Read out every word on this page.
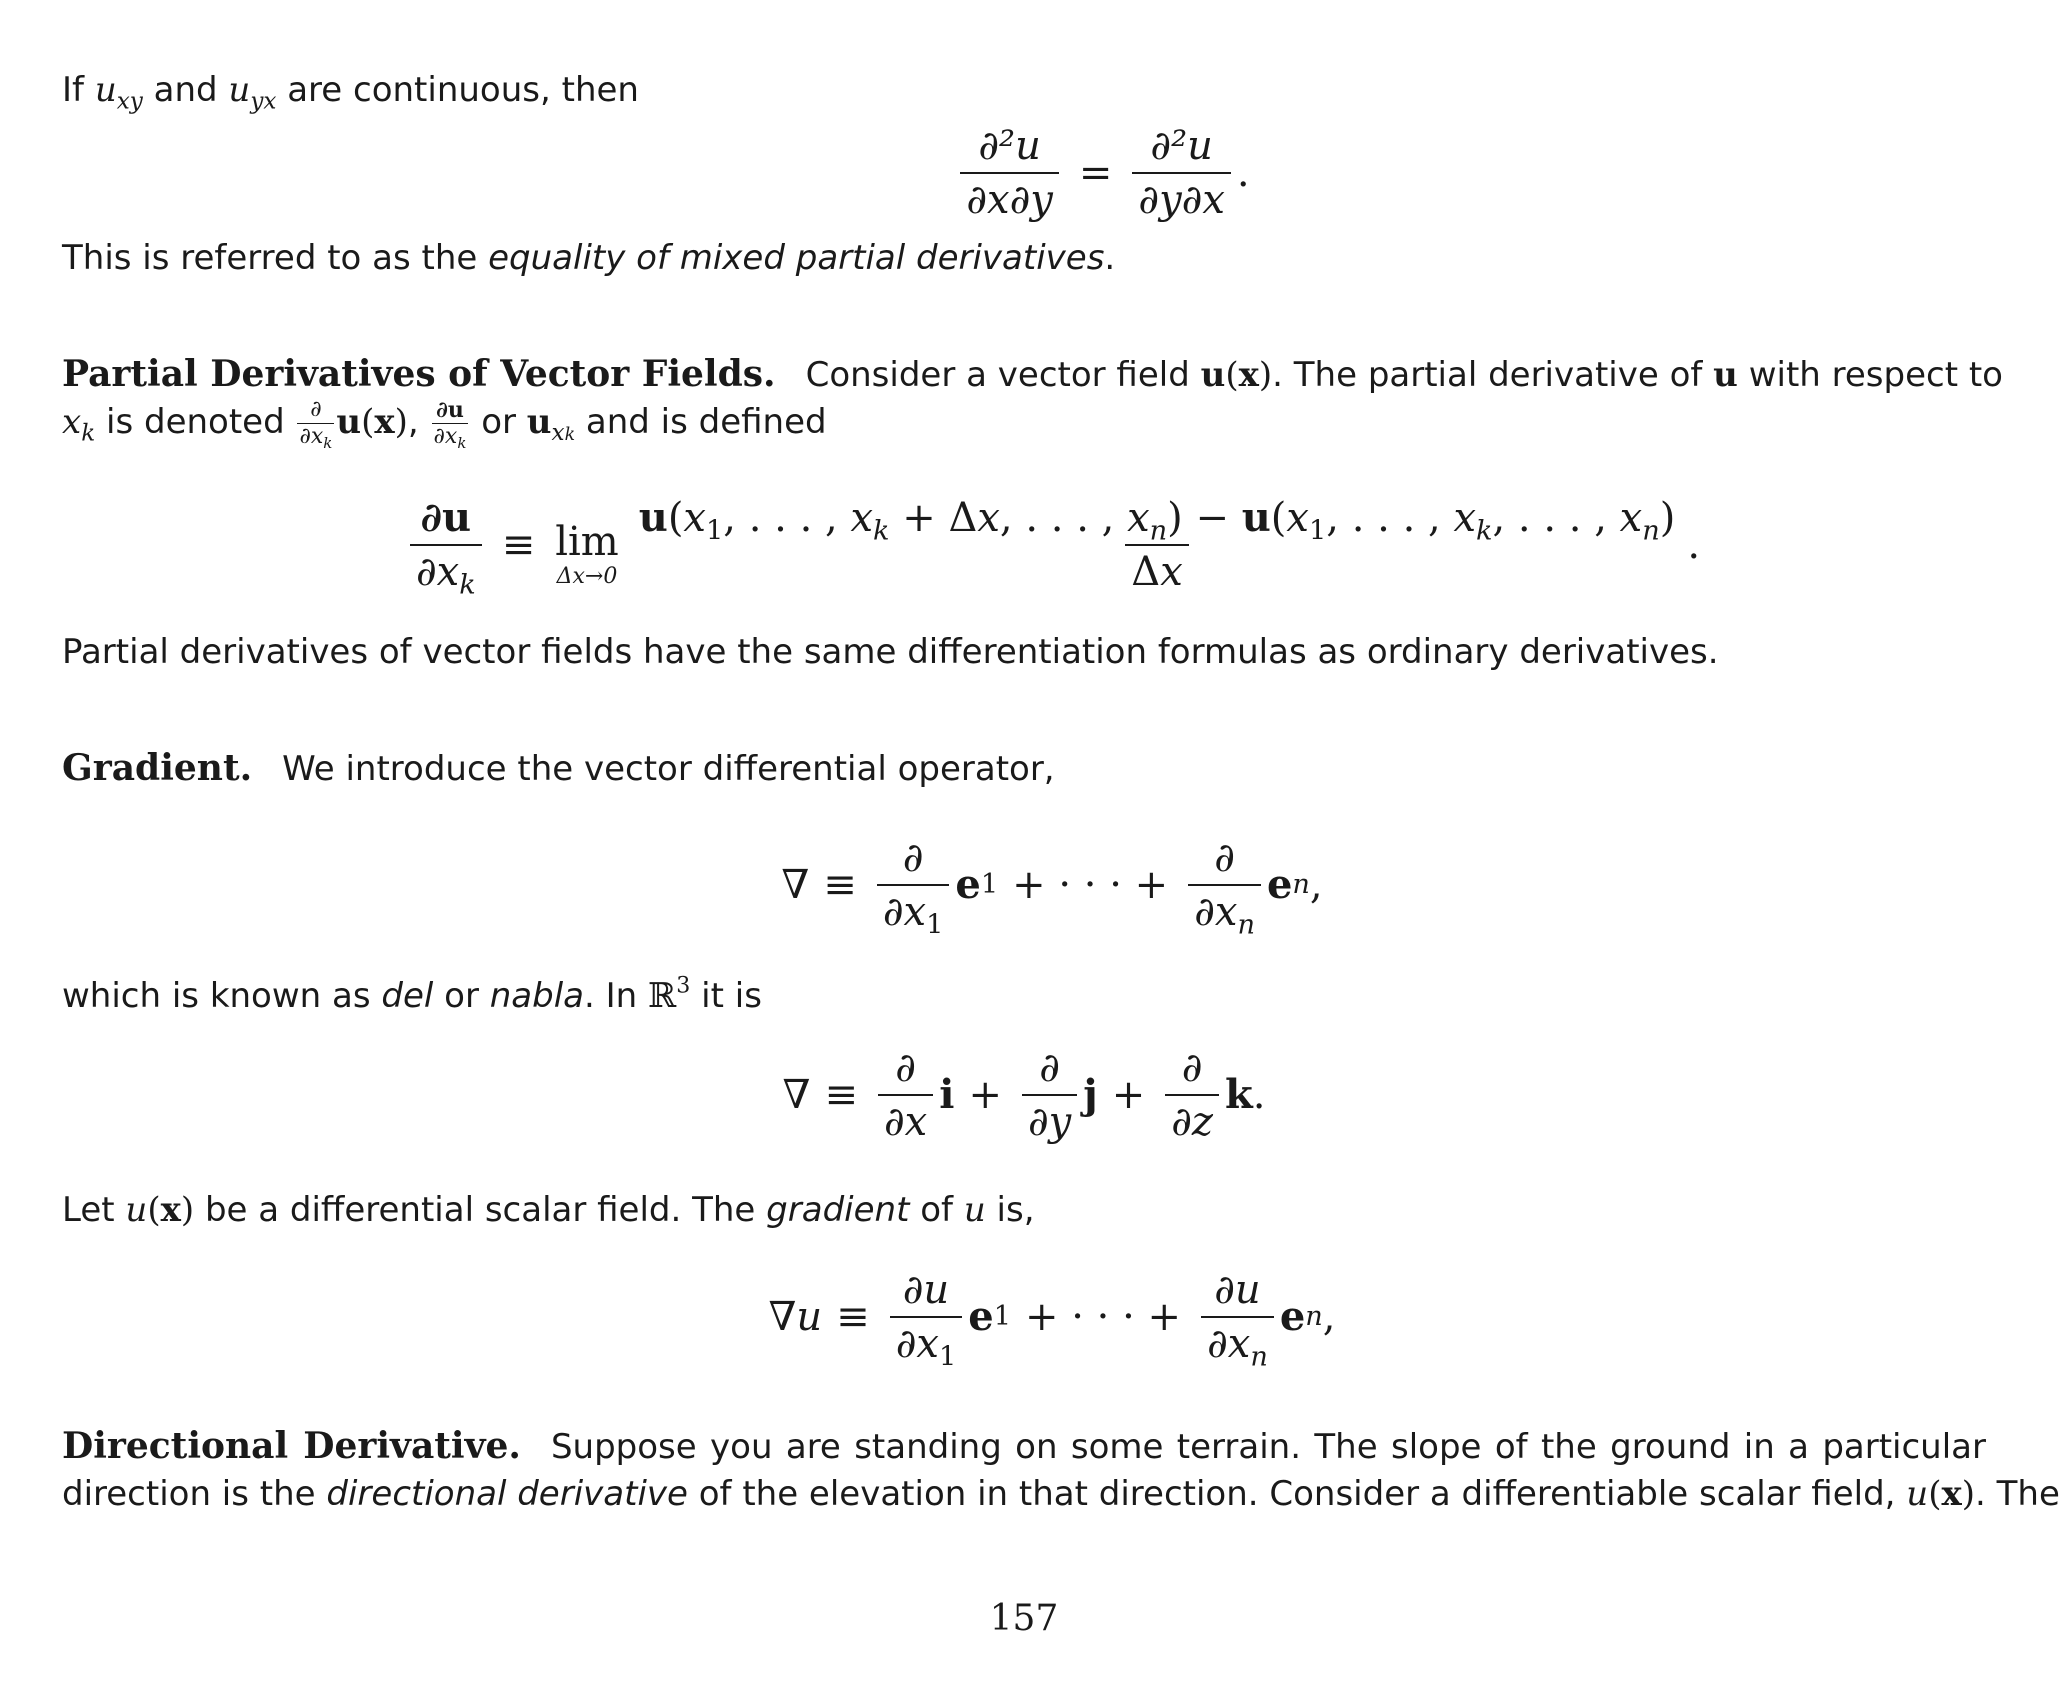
If $u_{xy}$ and $u_{yx}$ are continuous, then
$\frac{\text{∂²u}}{\partial x\partial y} = \frac{\text{∂²u}}{\partial y\partial x}$ .
This is referred to as the equality of mixed partial derivatives.
Partial Derivatives of Vector Fields. Consider a vector field u(x). The partial derivative of u with respect to
$x_k$ is denoted $\frac{\partial}{\partial x_k} u(x)$, $\frac{\partial u}{\partial x_k}$ or $u_{xk}$ and is defined
$\frac{\partial u}{\partial x_k} \equiv \lim$
Δx→0
$u(x_1$, . . . , $x_k + \Delta x$, . . . , $x_n) - u(x_1$, . . . , $x_k$, . . . , $x_n$)
Δx
.
Partial derivatives of vector fields have the same differentiation formulas as ordinary derivatives.
Gradient. We introduce the vector differential operator,
∇ ≡ $\frac{\partial}{\partial x_1}$ e 1 + · · · + $\frac{\partial}{\partial x_n}$ e n ,
which is known as del or nabla. In ℝ$^3$ it is
∇ ≡ $\frac{\partial}{\partial x}$ $i + \frac{\partial}{\partial y}$ $j + \frac{\partial}{\partial z}$ k .
Let u(x) be a differential scalar field. The gradient of u is,
$\nabla u \equiv \frac{\partial u}{\partial x_1}$ e 1 + · · · + $\frac{\partial u}{\partial x_n}$ e n ,
Directional Derivative. Suppose you are standing on some terrain. The slope of the ground in a particular
direction is the directional derivative of the elevation in that direction. Consider a differentiable scalar field, u(x). The
157
